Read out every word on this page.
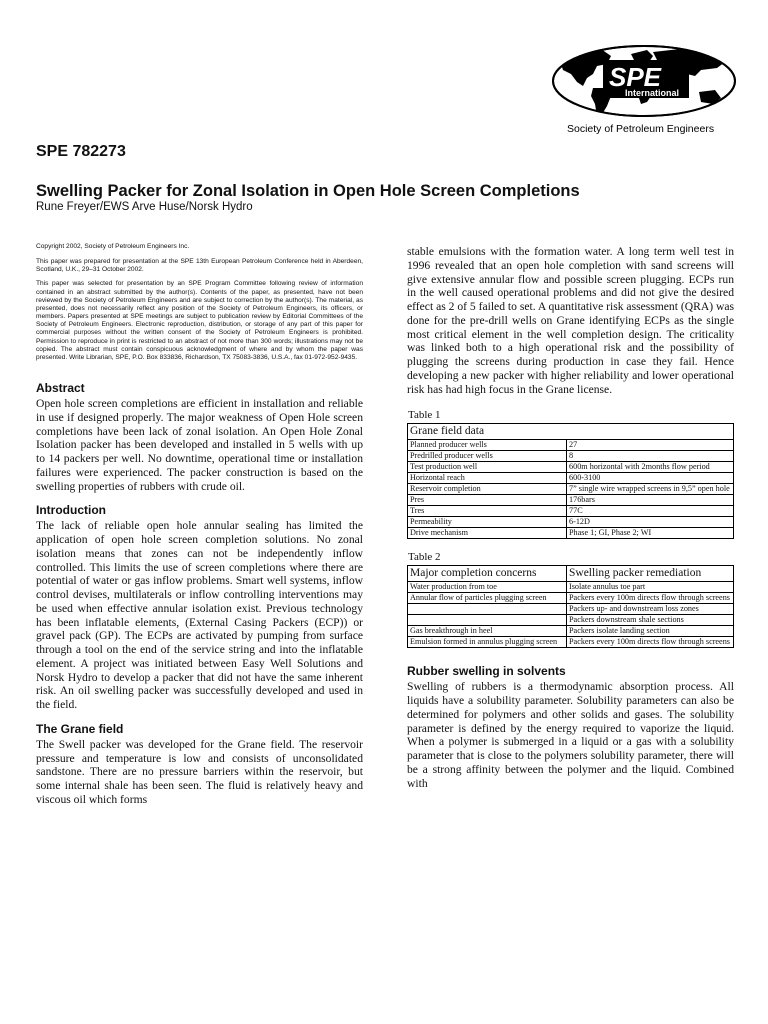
SPE
International
Society of Petroleum Engineers
SPE 782273
Swelling Packer for Zonal Isolation in Open Hole Screen Completions
Rune Freyer/EWS Arve Huse/Norsk Hydro

Copyright 2002, Society of Petroleum Engineers Inc.

This paper was prepared for presentation at the SPE 13th European Petroleum Conference held in Aberdeen, Scotland, U.K., 29–31 October 2002.

This paper was selected for presentation by an SPE Program Committee following review of information contained in an abstract submitted by the author(s). Contents of the paper, as presented, have not been reviewed by the Society of Petroleum Engineers and are subject to correction by the author(s). The material, as presented, does not necessarily reflect any position of the Society of Petroleum Engineers, its officers, or members. Papers presented at SPE meetings are subject to publication review by Editorial Committees of the Society of Petroleum Engineers. Electronic reproduction, distribution, or storage of any part of this paper for commercial purposes without the written consent of the Society of Petroleum Engineers is prohibited. Permission to reproduce in print is restricted to an abstract of not more than 300 words; illustrations may not be copied. The abstract must contain conspicuous acknowledgment of where and by whom the paper was presented. Write Librarian, SPE, P.O. Box 833836, Richardson, TX 75083-3836, U.S.A., fax 01-972-952-9435.

Abstract

Open hole screen completions are efficient in installation and reliable in use if designed properly. The major weakness of Open Hole screen completions have been lack of zonal isolation. An Open Hole Zonal Isolation packer has been developed and installed in 5 wells with up to 14 packers per well. No downtime, operational time or installation failures were experienced. The packer construction is based on the swelling properties of rubbers with crude oil.

Introduction

The lack of reliable open hole annular sealing has limited the application of open hole screen completion solutions. No zonal isolation means that zones can not be independently inflow controlled. This limits the use of screen completions where there are potential of water or gas inflow problems. Smart well systems, inflow control devises, multilaterals or inflow controlling interventions may be used when effective annular isolation exist. Previous technology has been inflatable elements, (External Casing Packers (ECP)) or gravel pack (GP). The ECPs are activated by pumping from surface through a tool on the end of the service string and into the inflatable element. A project was initiated between Easy Well Solutions and Norsk Hydro to develop a packer that did not have the same inherent risk. An oil swelling packer was successfully developed and used in the field.

The Grane field

The Swell packer was developed for the Grane field. The reservoir pressure and temperature is low and consists of unconsolidated sandstone. There are no pressure barriers within the reservoir, but some internal shale has been seen. The fluid is relatively heavy and viscous oil which forms

stable emulsions with the formation water. A long term well test in 1996 revealed that an open hole completion with sand screens will give extensive annular flow and possible screen plugging. ECPs run in the well caused operational problems and did not give the desired effect as 2 of 5 failed to set. A quantitative risk assessment (QRA) was done for the pre-drill wells on Grane identifying ECPs as the single most critical element in the well completion design. The criticality was linked both to a high operational risk and the possibility of plugging the screens during production in case they fail. Hence developing a new packer with higher reliability and lower operational risk has had high focus in the Grane license.

Table 1
Grane field data	
Planned producer wells	27
Predrilled producer wells	8
Test production well	600m horizontal with 2months flow period
Horizontal reach	600-3100
Reservoir completion	7” single wire wrapped screens in 9,5” open hole
Pres	176bars
Tres	77C
Permeability	6-12D
Drive mechanism	Phase 1; GI, Phase 2; WI
Table 2
Major completion concerns	Swelling packer remediation
Water production from toe	Isolate annulus toe part
Annular flow of particles plugging screen	Packers every 100m directs flow through screens
	Packers up- and downstream loss zones
	Packers downstream shale sections
Gas breakthrough in heel	Packers isolate landing section
Emulsion formed in annulus plugging screen	Packers every 100m directs flow through screens
Rubber swelling in solvents

Swelling of rubbers is a thermodynamic absorption process. All liquids have a solubility parameter. Solubility parameters can also be determined for polymers and other solids and gases. The solubility parameter is defined by the energy required to vaporize the liquid. When a polymer is submerged in a liquid or a gas with a solubility parameter that is close to the polymers solubility parameter, there will be a strong affinity between the polymer and the liquid. Combined with
